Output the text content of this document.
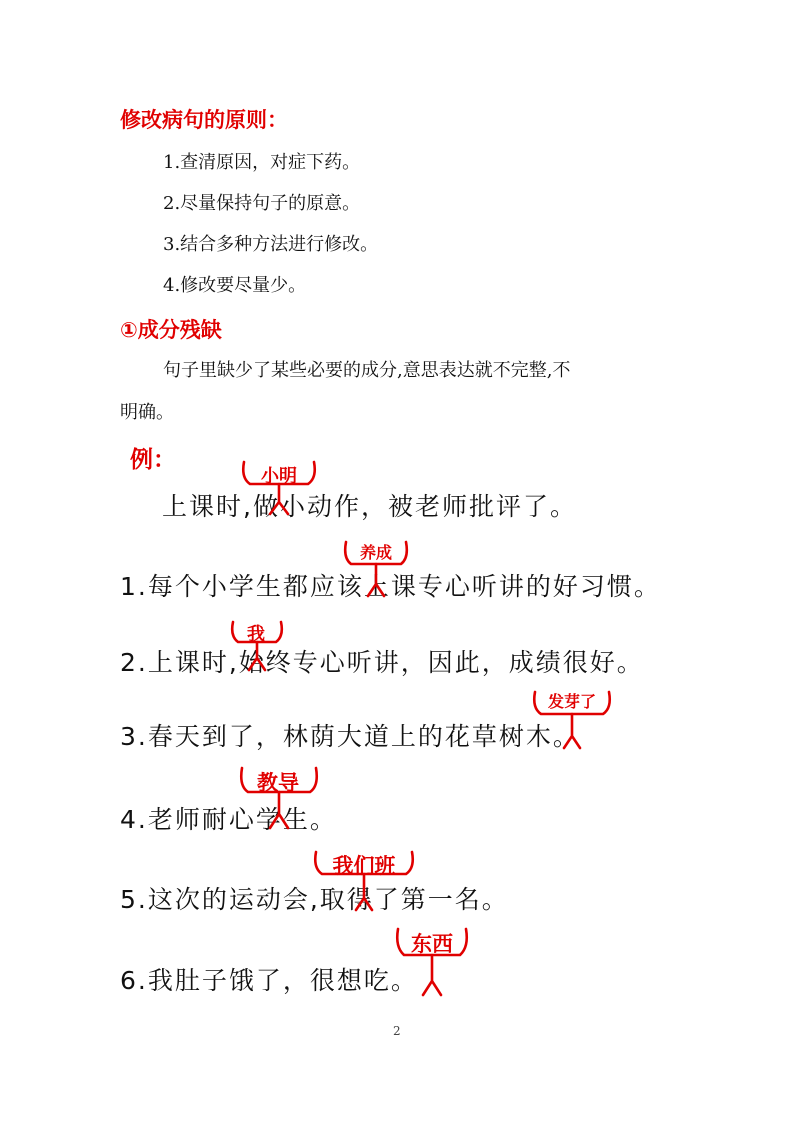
修改病句的原则：
1.查清原因，对症下药。
2.尽量保持句子的原意。
3.结合多种方法进行修改。
4.修改要尽量少。
①成分残缺
句子里缺少了某些必要的成分,意思表达就不完整,不
明确。
例：
上课时,做小动作，被老师批评了。
1.每个小学生都应该上课专心听讲的好习惯。
2.上课时,始终专心听讲，因此，成绩很好。
3.春天到了，林荫大道上的花草树木。
4.老师耐心学生。
5.这次的运动会,取得了第一名。
6.我肚子饿了，很想吃。
小明
养成
我
发芽了
教导
我们班
东西
2
